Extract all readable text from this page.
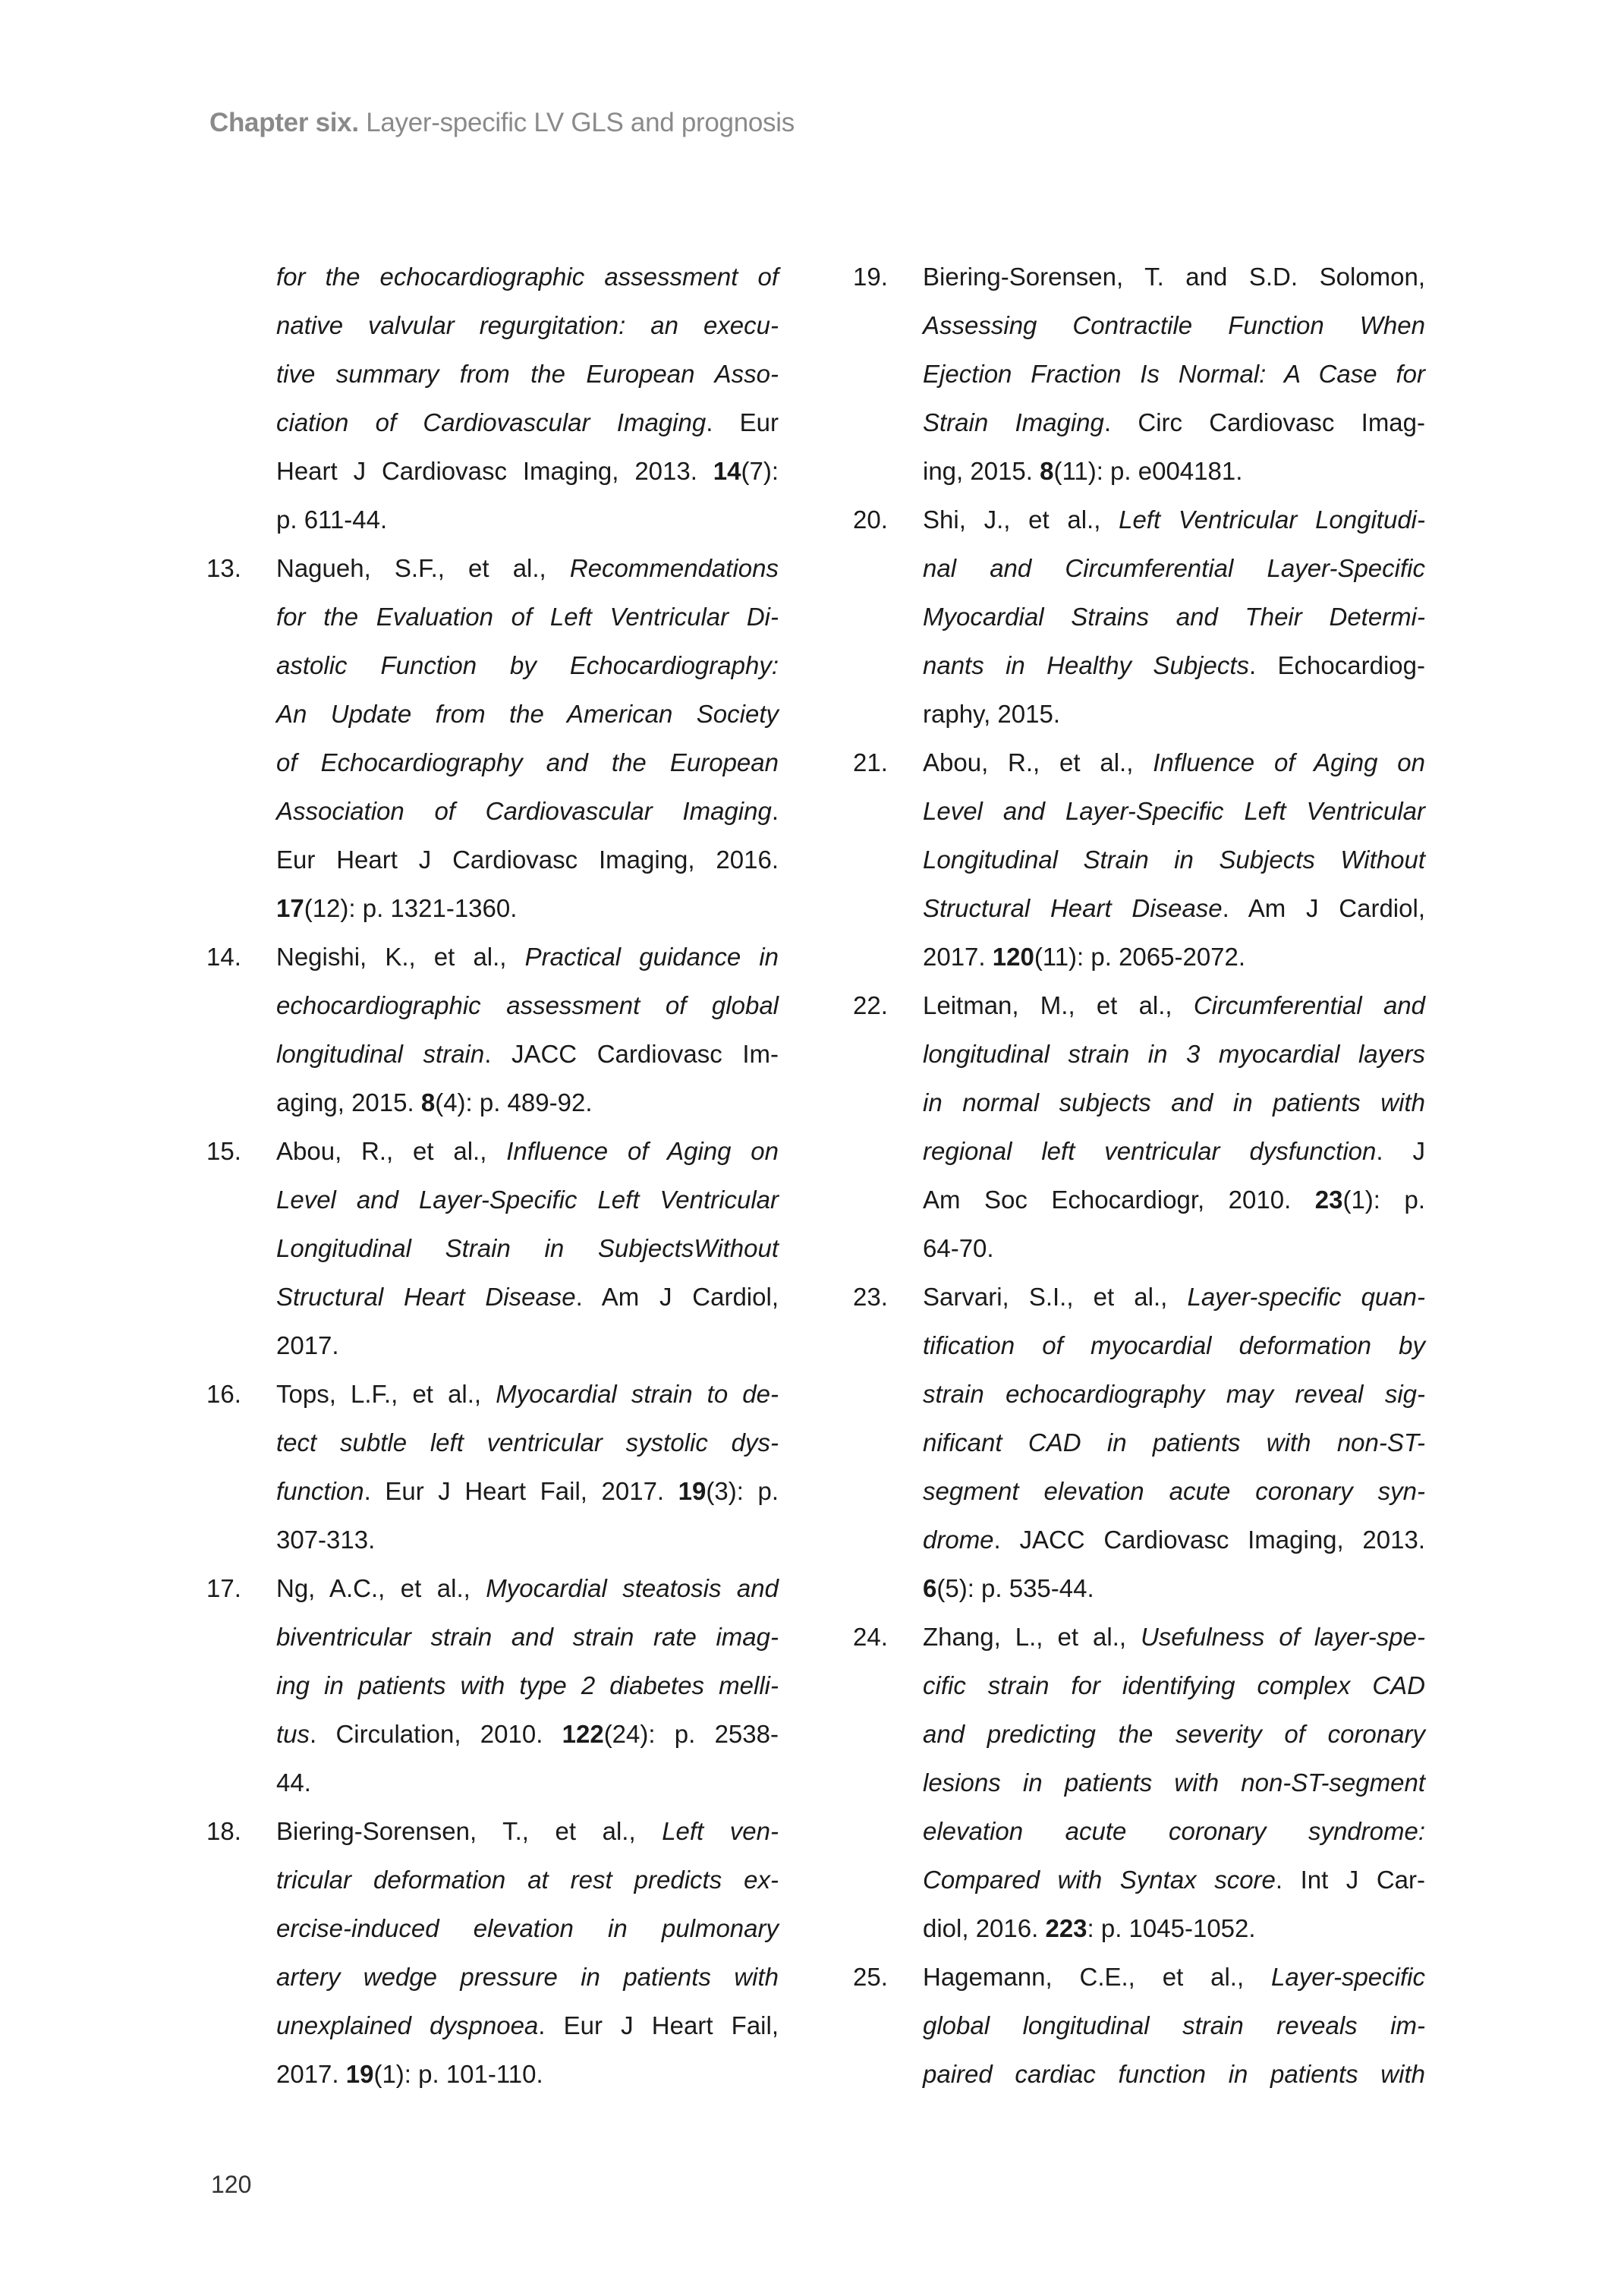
Chapter six. Layer-specific LV GLS and prognosis
for the echocardiographic assessment of
native valvular regurgitation: an execu-
tive summary from the European Asso-
ciation of Cardiovascular Imaging. Eur
Heart J Cardiovasc Imaging, 2013. 14(7):
p. 611-44.
13. Nagueh, S.F., et al., Recommendations
for the Evaluation of Left Ventricular Di-
astolic Function by Echocardiography:
An Update from the American Society
of Echocardiography and the European
Association of Cardiovascular Imaging.
Eur Heart J Cardiovasc Imaging, 2016.
17(12): p. 1321-1360.
14. Negishi, K., et al., Practical guidance in
echocardiographic assessment of global
longitudinal strain. JACC Cardiovasc Im-
aging, 2015. 8(4): p. 489-92.
15. Abou, R., et al., Influence of Aging on
Level and Layer-Specific Left Ventricular
Longitudinal Strain in SubjectsWithout
Structural Heart Disease. Am J Cardiol,
2017.
16. Tops, L.F., et al., Myocardial strain to de-
tect subtle left ventricular systolic dys-
function. Eur J Heart Fail, 2017. 19(3): p.
307-313.
17. Ng, A.C., et al., Myocardial steatosis and
biventricular strain and strain rate imag-
ing in patients with type 2 diabetes melli-
tus. Circulation, 2010. 122(24): p. 2538-
44.
18. Biering-Sorensen, T., et al., Left ven-
tricular deformation at rest predicts ex-
ercise-induced elevation in pulmonary
artery wedge pressure in patients with
unexplained dyspnoea. Eur J Heart Fail,
2017. 19(1): p. 101-110.
19. Biering-Sorensen, T. and S.D. Solomon,
Assessing Contractile Function When
Ejection Fraction Is Normal: A Case for
Strain Imaging. Circ Cardiovasc Imag-
ing, 2015. 8(11): p. e004181.
20. Shi, J., et al., Left Ventricular Longitudi-
nal and Circumferential Layer-Specific
Myocardial Strains and Their Determi-
nants in Healthy Subjects. Echocardiog-
raphy, 2015.
21. Abou, R., et al., Influence of Aging on
Level and Layer-Specific Left Ventricular
Longitudinal Strain in Subjects Without
Structural Heart Disease. Am J Cardiol,
2017. 120(11): p. 2065-2072.
22. Leitman, M., et al., Circumferential and
longitudinal strain in 3 myocardial layers
in normal subjects and in patients with
regional left ventricular dysfunction. J
Am Soc Echocardiogr, 2010. 23(1): p.
64-70.
23. Sarvari, S.I., et al., Layer-specific quan-
tification of myocardial deformation by
strain echocardiography may reveal sig-
nificant CAD in patients with non-ST-
segment elevation acute coronary syn-
drome. JACC Cardiovasc Imaging, 2013.
6(5): p. 535-44.
24. Zhang, L., et al., Usefulness of layer-spe-
cific strain for identifying complex CAD
and predicting the severity of coronary
lesions in patients with non-ST-segment
elevation acute coronary syndrome:
Compared with Syntax score. Int J Car-
diol, 2016. 223: p. 1045-1052.
25. Hagemann, C.E., et al., Layer-specific
global longitudinal strain reveals im-
paired cardiac function in patients with
120
